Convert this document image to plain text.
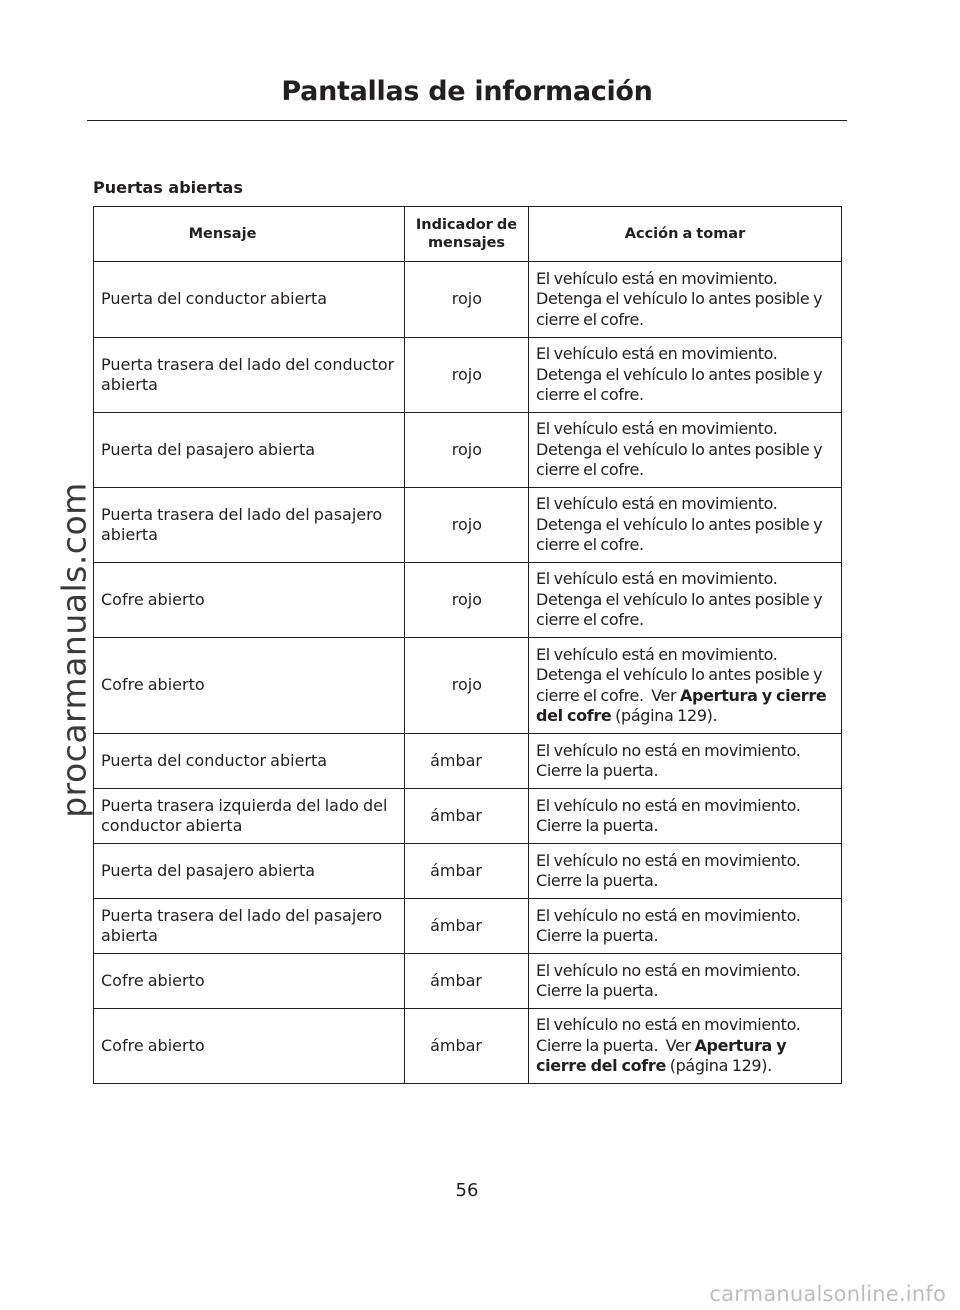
Pantallas de información
Puertas abiertas
procarmanuals.com
Mensaje	Indicador de mensajes	Acción a tomar
Puerta del conductor abierta	rojo	El vehículo está en movimiento. Detenga el vehículo lo antes posible y cierre el cofre.
Puerta trasera del lado del conductor abierta	rojo	El vehículo está en movimiento. Detenga el vehículo lo antes posible y cierre el cofre.
Puerta del pasajero abierta	rojo	El vehículo está en movimiento. Detenga el vehículo lo antes posible y cierre el cofre.
Puerta trasera del lado del pasajero abierta	rojo	El vehículo está en movimiento. Detenga el vehículo lo antes posible y cierre el cofre.
Cofre abierto	rojo	El vehículo está en movimiento. Detenga el vehículo lo antes posible y cierre el cofre.
Cofre abierto	rojo	El vehículo está en movimiento. Detenga el vehículo lo antes posible y cierre el cofre. Ver Apertura y cierre del cofre (página 129).
Puerta del conductor abierta	ámbar	El vehículo no está en movimiento. Cierre la puerta.
Puerta trasera izquierda del lado del conductor abierta	ámbar	El vehículo no está en movimiento. Cierre la puerta.
Puerta del pasajero abierta	ámbar	El vehículo no está en movimiento. Cierre la puerta.
Puerta trasera del lado del pasajero abierta	ámbar	El vehículo no está en movimiento. Cierre la puerta.
Cofre abierto	ámbar	El vehículo no está en movimiento. Cierre la puerta.
Cofre abierto	ámbar	El vehículo no está en movimiento. Cierre la puerta. Ver Apertura y cierre del cofre (página 129).
56
carmanualsonline.info
